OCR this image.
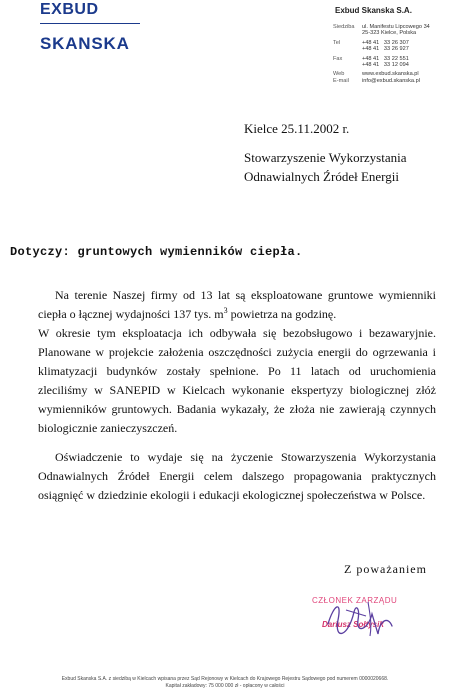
EXBUD
SKANSKA
Exbud Skanska S.A.
Siedziba	ul. Manifestu Lipcowego 34
25-323 Kielce, Polska
Tel	+48 41   33 26 307
+48 41   33 26 927
Fax	+48 41   33 22 551
+48 41   33 12 094
Web	www.exbud.skanska.pl
E-mail	info@exbud.skanska.pl
Kielce 25.11.2002 r.
Stowarzyszenie Wykorzystania
Odnawialnych Źródeł Energii
Dotyczy: gruntowych wymienników ciepła.

Na terenie Naszej firmy od 13 lat są eksploatowane gruntowe wymienniki ciepła o łącznej wydajności 137 tys. $m^3$ powietrza na godzinę.

W okresie tym eksploatacja ich odbywała się bezobsługowo i bezawaryjnie. Planowane w projekcie założenia oszczędności zużycia energii do ogrzewania i klimatyzacji budynków zostały spełnione. Po 11 latach od uruchomienia zleciliśmy w SANEPID w Kielcach wykonanie ekspertyzy biologicznej złóż wymienników gruntowych. Badania wykazały, że złoża nie zawierają czynnych biologicznie zanieczyszczeń.

Oświadczenie to wydaje się na życzenie Stowarzyszenia Wykorzystania Odnawialnych Źródeł Energii celem dalszego propagowania praktycznych osiągnięć w dziedzinie ekologii i edukacji ekologicznej społeczeństwa w Polsce.

Z poważaniem
CZŁONEK ZARZĄDU
Dariusz Sołtysik
Exbud Skanska S.A. z siedzibą w Kielcach wpisana przez Sąd Rejonowy w Kielcach do Krajowego Rejestru Sądowego pod numerem 0000020668.
Kapitał zakładowy: 75 000 000 zł - opłacony w całości
